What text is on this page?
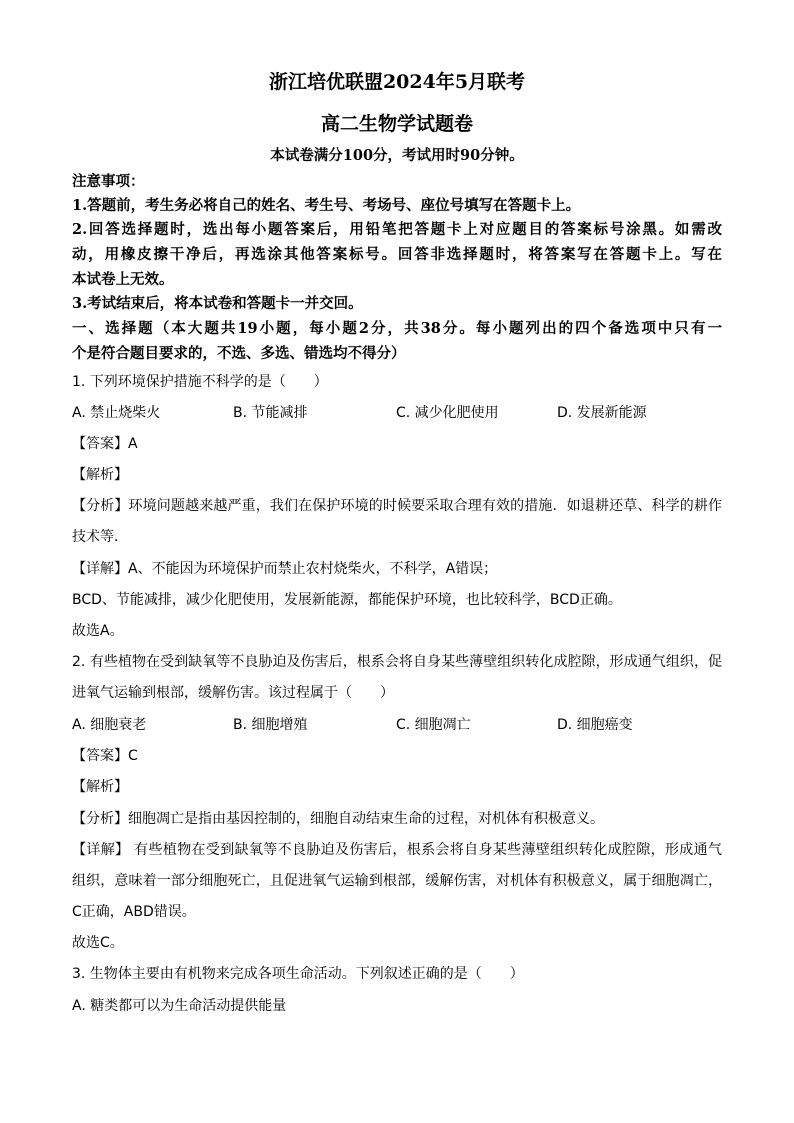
浙江培优联盟2024年5月联考
高二生物学试题卷
本试卷满分100分，考试用时90分钟。
注意事项：
1.答题前，考生务必将自己的姓名、考生号、考场号、座位号填写在答题卡上。
2.回答选择题时，选出每小题答案后，用铅笔把答题卡上对应题目的答案标号涂黑。如需改
动，用橡皮擦干净后，再选涂其他答案标号。回答非选择题时，将答案写在答题卡上。写在
本试卷上无效。
3.考试结束后，将本试卷和答题卡一并交回。
一、选择题（本大题共19小题，每小题2分，共38分。每小题列出的四个备选项中只有一
个是符合题目要求的，不选、多选、错选均不得分）
1. 下列环境保护措施不科学的是（　　）
A. 禁止烧柴火	B. 节能减排	C. 减少化肥使用	D. 发展新能源
【答案】A
【解析】
【分析】环境问题越来越严重，我们在保护环境的时候要采取合理有效的措施．如退耕还草、科学的耕作
技术等．
【详解】A、不能因为环境保护而禁止农村烧柴火，不科学，A错误；
BCD、节能减排，减少化肥使用，发展新能源，都能保护环境，也比较科学，BCD正确。
故选A。
2. 有些植物在受到缺氧等不良胁迫及伤害后，根系会将自身某些薄壁组织转化成腔隙，形成通气组织，促
进氧气运输到根部，缓解伤害。该过程属于（　　）
A. 细胞衰老	B. 细胞增殖	C. 细胞凋亡	D. 细胞癌变
【答案】C
【解析】
【分析】细胞凋亡是指由基因控制的，细胞自动结束生命的过程，对机体有积极意义。
【详解】 有些植物在受到缺氧等不良胁迫及伤害后，根系会将自身某些薄壁组织转化成腔隙，形成通气
组织，意味着一部分细胞死亡，且促进氧气运输到根部，缓解伤害，对机体有积极意义，属于细胞凋亡，
C正确，ABD错误。
故选C。
3. 生物体主要由有机物来完成各项生命活动。下列叙述正确的是（　　）
A. 糖类都可以为生命活动提供能量
